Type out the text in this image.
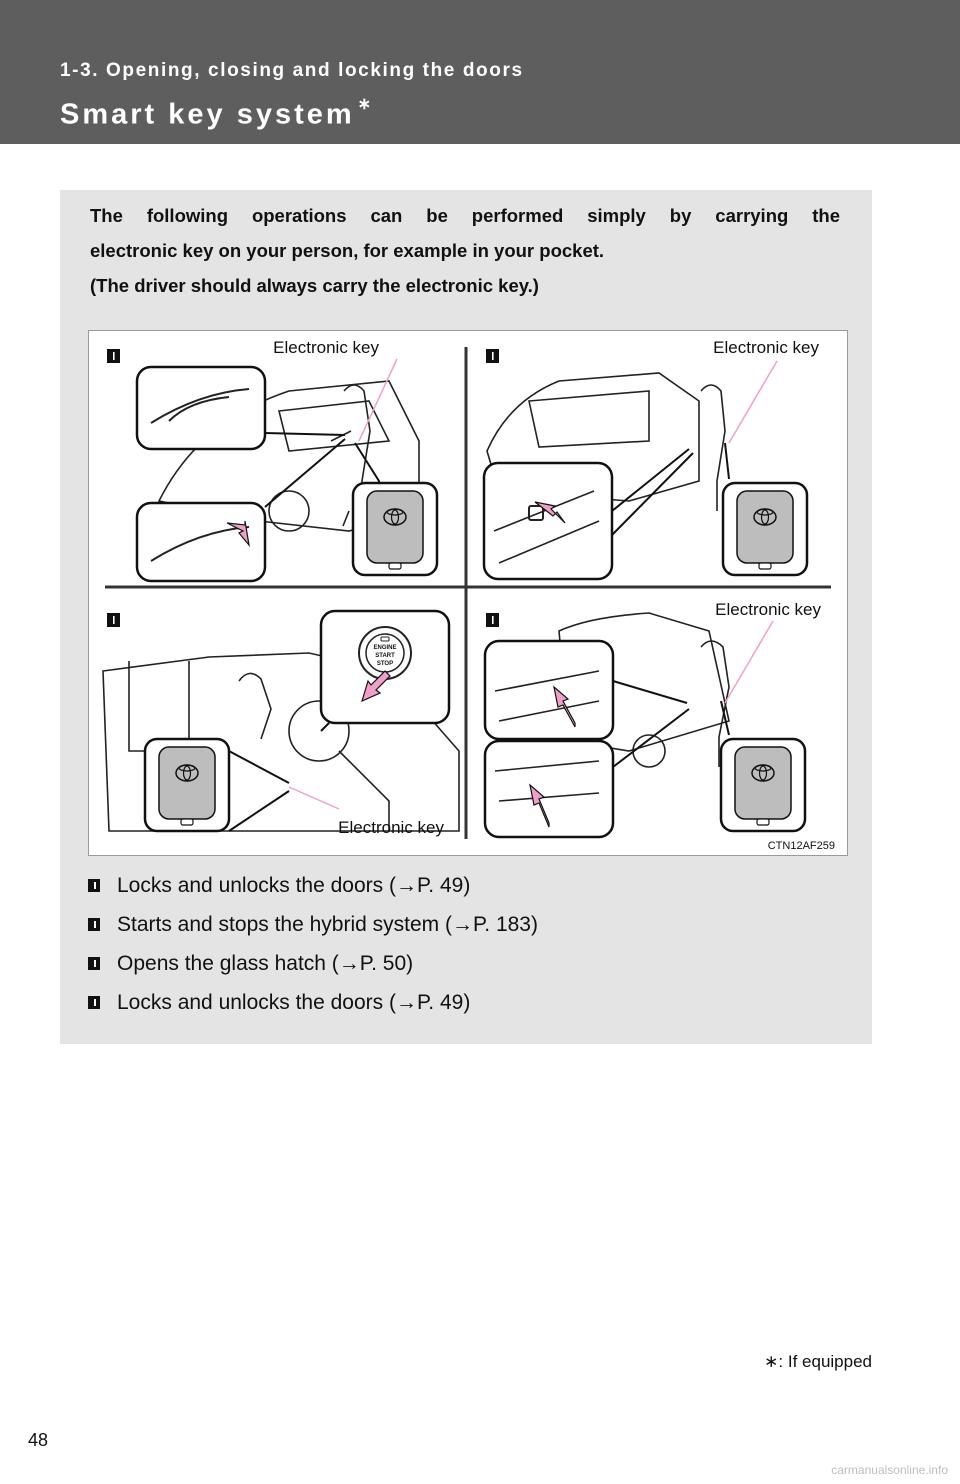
1-3. Opening, closing and locking the doors
Smart key system ∗

The following operations can be performed simply by carrying the

electronic key on your person, for example in your pocket.

(The driver should always carry the electronic key.)

Electronic key	Electronic key
ENGINE
START
STOP
Electronic key
Electronic key
CTN12AF259
Locks and unlocks the doors ( → P. 49)
Starts and stops the hybrid system ( → P. 183)
Opens the glass hatch ( → P. 50)
Locks and unlocks the doors ( → P. 49)
∗: If equipped
48
carmanualsonline.info
